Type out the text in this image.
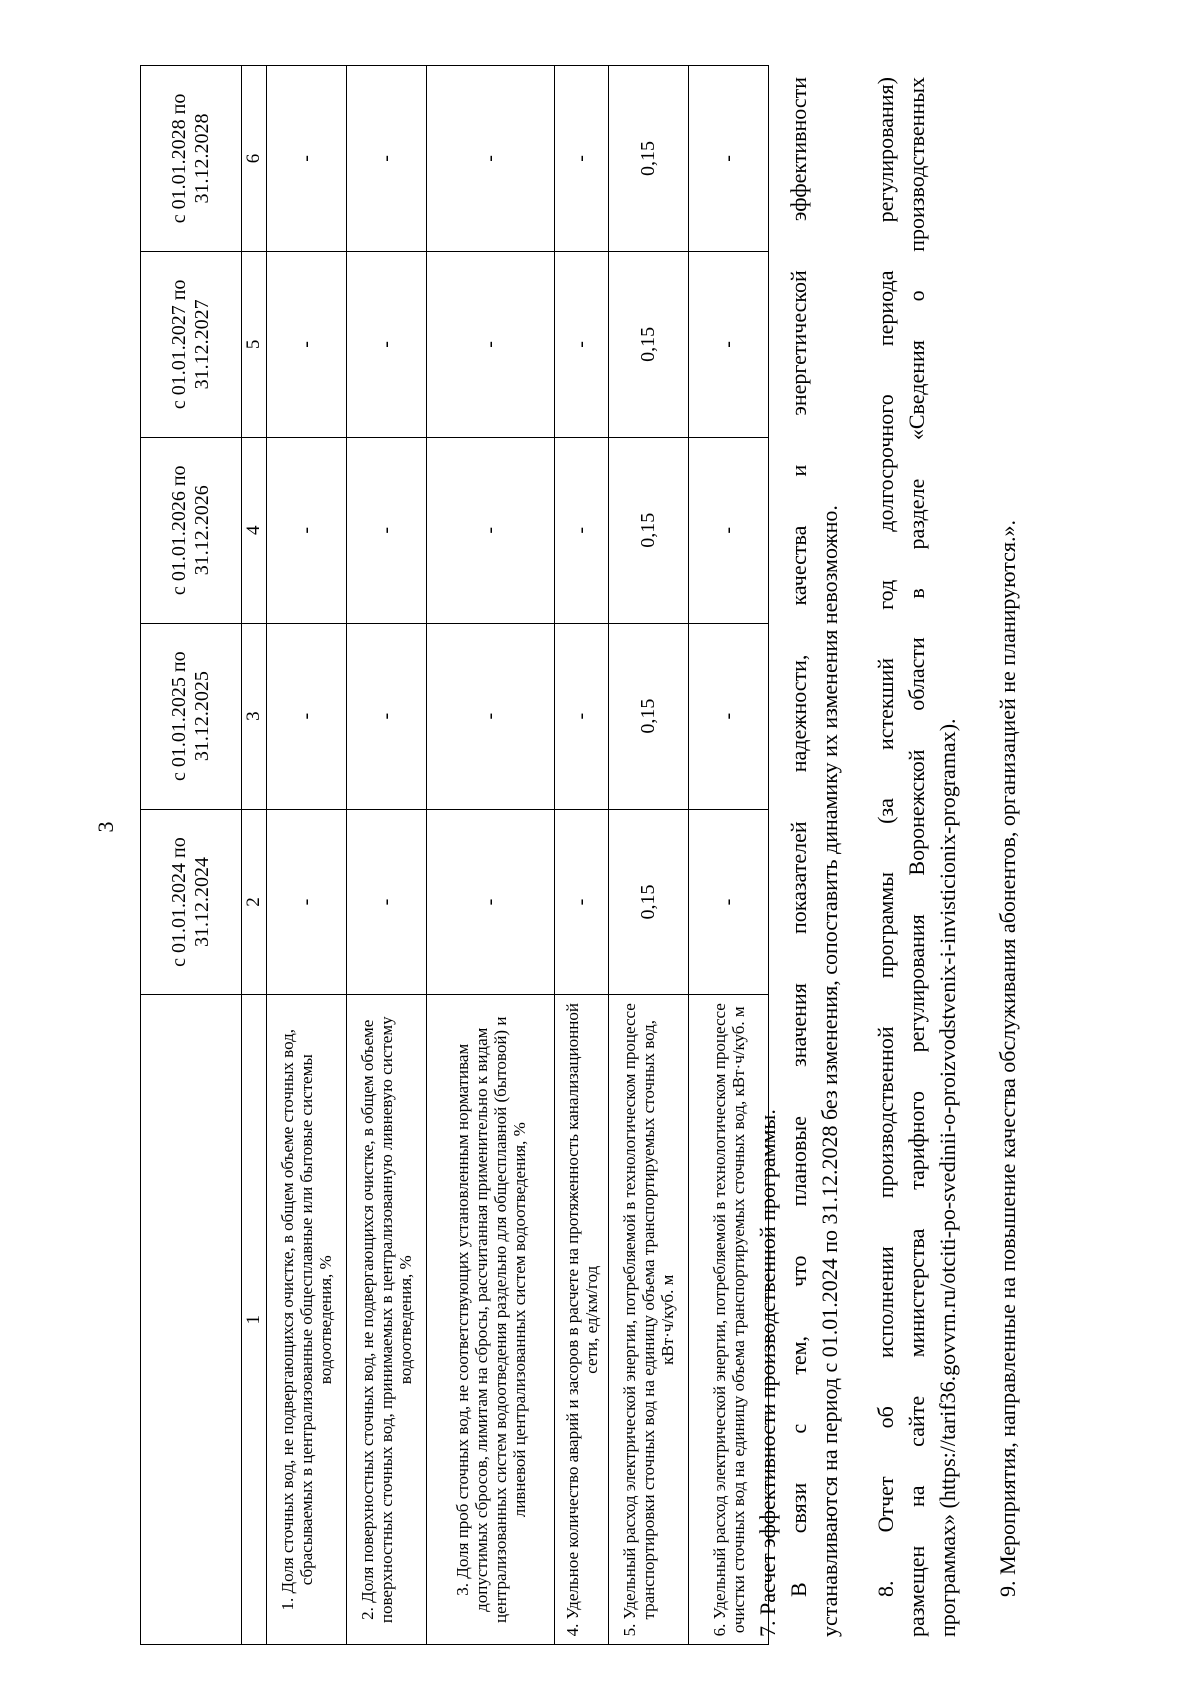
3
	с 01.01.2024 по 31.12.2024	с 01.01.2025 по 31.12.2025	с 01.01.2026 по 31.12.2026	с 01.01.2027 по 31.12.2027	с 01.01.2028 по 31.12.2028
1	2	3	4	5	6
1. Доля сточных вод, не подвергающихся очистке, в общем объеме сточных вод, сбрасываемых в централизованные общесплавные или бытовые системы водоотведения, %	-	-	-	-	-
2. Доля поверхностных сточных вод, не подвергающихся очистке, в общем объеме поверхностных сточных вод, принимаемых в централизованную ливневую систему водоотведения, %	-	-	-	-	-
3. Доля проб сточных вод, не соответствующих установленным нормативам допустимых сбросов, лимитам на сбросы, рассчитанная применительно к видам централизованных систем водоотведения раздельно для общесплавной (бытовой) и ливневой централизованных систем водоотведения, %	-	-	-	-	-
4. Удельное количество аварий и засоров в расчете на протяженность канализационной сети, ед/км/год	-	-	-	-	-
5. Удельный расход электрической энергии, потребляемой в технологическом процессе транспортировки сточных вод на единицу объема транспортируемых сточных вод, кВт·ч/куб. м	0,15	0,15	0,15	0,15	0,15
6. Удельный расход электрической энергии, потребляемой в технологическом процессе очистки сточных вод на единицу объема транспортируемых сточных вод, кВт·ч/куб. м	-	-	-	-	-
7. Расчет эффективности производственной программы. В связи с тем, что плановые значения показателей надежности, качества и энергетической эффективности устанавливаются на период с 01.01.2024 по 31.12.2028 без изменения, сопоставить динамику их изменения невозможно. 8. Отчет об исполнении производственной программы (за истекший год долгосрочного периода регулирования) размещен на сайте министерства тарифного регулирования Воронежской области в разделе «Сведения о производственных программах» (https://tarif36.govvrn.ru/otciti-po-svedinii-o-proizvodstvenix-i-invisticionix-programax). 9. Мероприятия, направленные на повышение качества обслуживания абонентов, организацией не планируются.».
